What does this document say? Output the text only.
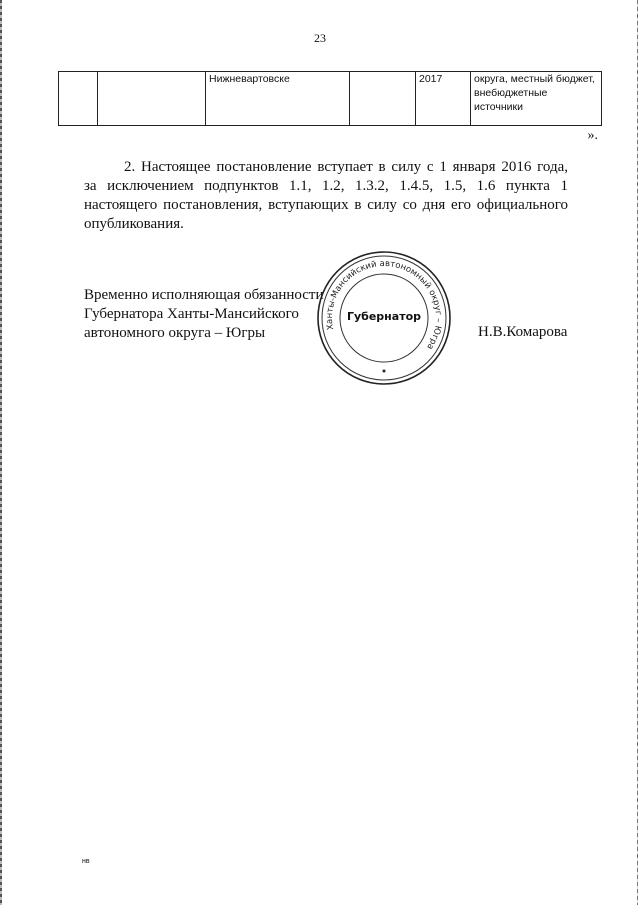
23
		Нижневартовске		2017	округа, местный бюджет, внебюджетные источники
».
2. Настоящее постановление вступает в силу с 1 января 2016 года,
за исключением подпунктов 1.1, 1.2, 1.3.2, 1.4.5, 1.5, 1.6 пункта 1
настоящего постановления, вступающих в силу со дня его официального
опубликования.
Временно исполняющая обязанности
Губернатора Ханты-Мансийского
автономного округа – Югры	Ханты-Мансийский автономный округ – Югра
Губернатор
Н.В.Комарова
нв
